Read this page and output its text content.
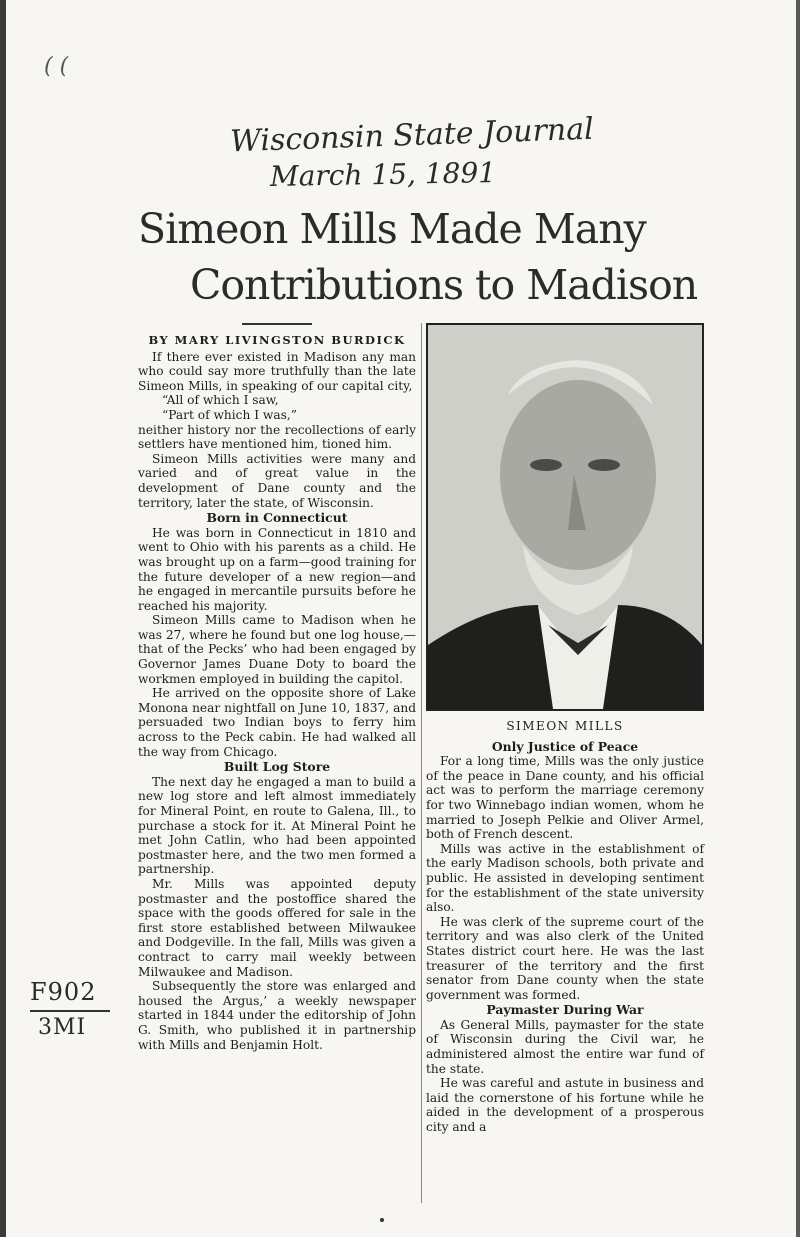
( (
Wisconsin State Journal
March 15, 1891
F902
3MI
Simeon Mills Made Many
Contributions to Madison
BY MARY LIVINGSTON BURDICK

If there ever existed in Madison any man who could say more truthfully than the late Simeon Mills, in speaking of our capital city,

“All of which I saw,

“Part of which I was,”

neither history nor the recollections of early settlers have mentioned him, tioned him.

Simeon Mills activities were many and varied and of great value in the development of Dane county and the territory, later the state, of Wisconsin.

Born in Connecticut

He was born in Connecticut in 1810 and went to Ohio with his parents as a child. He was brought up on a farm—good training for the future developer of a new region—and he engaged in mercantile pursuits before he reached his majority.

Simeon Mills came to Madison when he was 27, where he found but one log house,—that of the Pecks’ who had been engaged by Governor James Duane Doty to board the workmen employed in building the capitol.

He arrived on the opposite shore of Lake Monona near nightfall on June 10, 1837, and persuaded two Indian boys to ferry him across to the Peck cabin. He had walked all the way from Chicago.

Built Log Store

The next day he engaged a man to build a new log store and left almost immediately for Mineral Point, en route to Galena, Ill., to purchase a stock for it. At Mineral Point he met John Catlin, who had been appointed postmaster here, and the two men formed a partnership.

Mr. Mills was appointed deputy postmaster and the postoffice shared the space with the goods offered for sale in the first store established between Milwaukee and Dodgeville. In the fall, Mills was given a contract to carry mail weekly between Milwaukee and Madison.

Subsequently the store was enlarged and housed the Argus,’ a weekly newspaper started in 1844 under the editorship of John G. Smith, who published it in partnership with Mills and Benjamin Holt.

SIMEON MILLS
Only Justice of Peace

For a long time, Mills was the only justice of the peace in Dane county, and his official act was to perform the marriage ceremony for two Winnebago indian women, whom he married to Joseph Pelkie and Oliver Armel, both of French descent.

Mills was active in the establishment of the early Madison schools, both private and public. He assisted in developing sentiment for the establishment of the state university also.

He was clerk of the supreme court of the territory and was also clerk of the United States district court here. He was the last treasurer of the territory and the first senator from Dane county when the state government was formed.

Paymaster During War

As General Mills, paymaster for the state of Wisconsin during the Civil war, he administered almost the entire war fund of the state.

He was careful and astute in business and laid the cornerstone of his fortune while he aided in the development of a prosperous city and a
